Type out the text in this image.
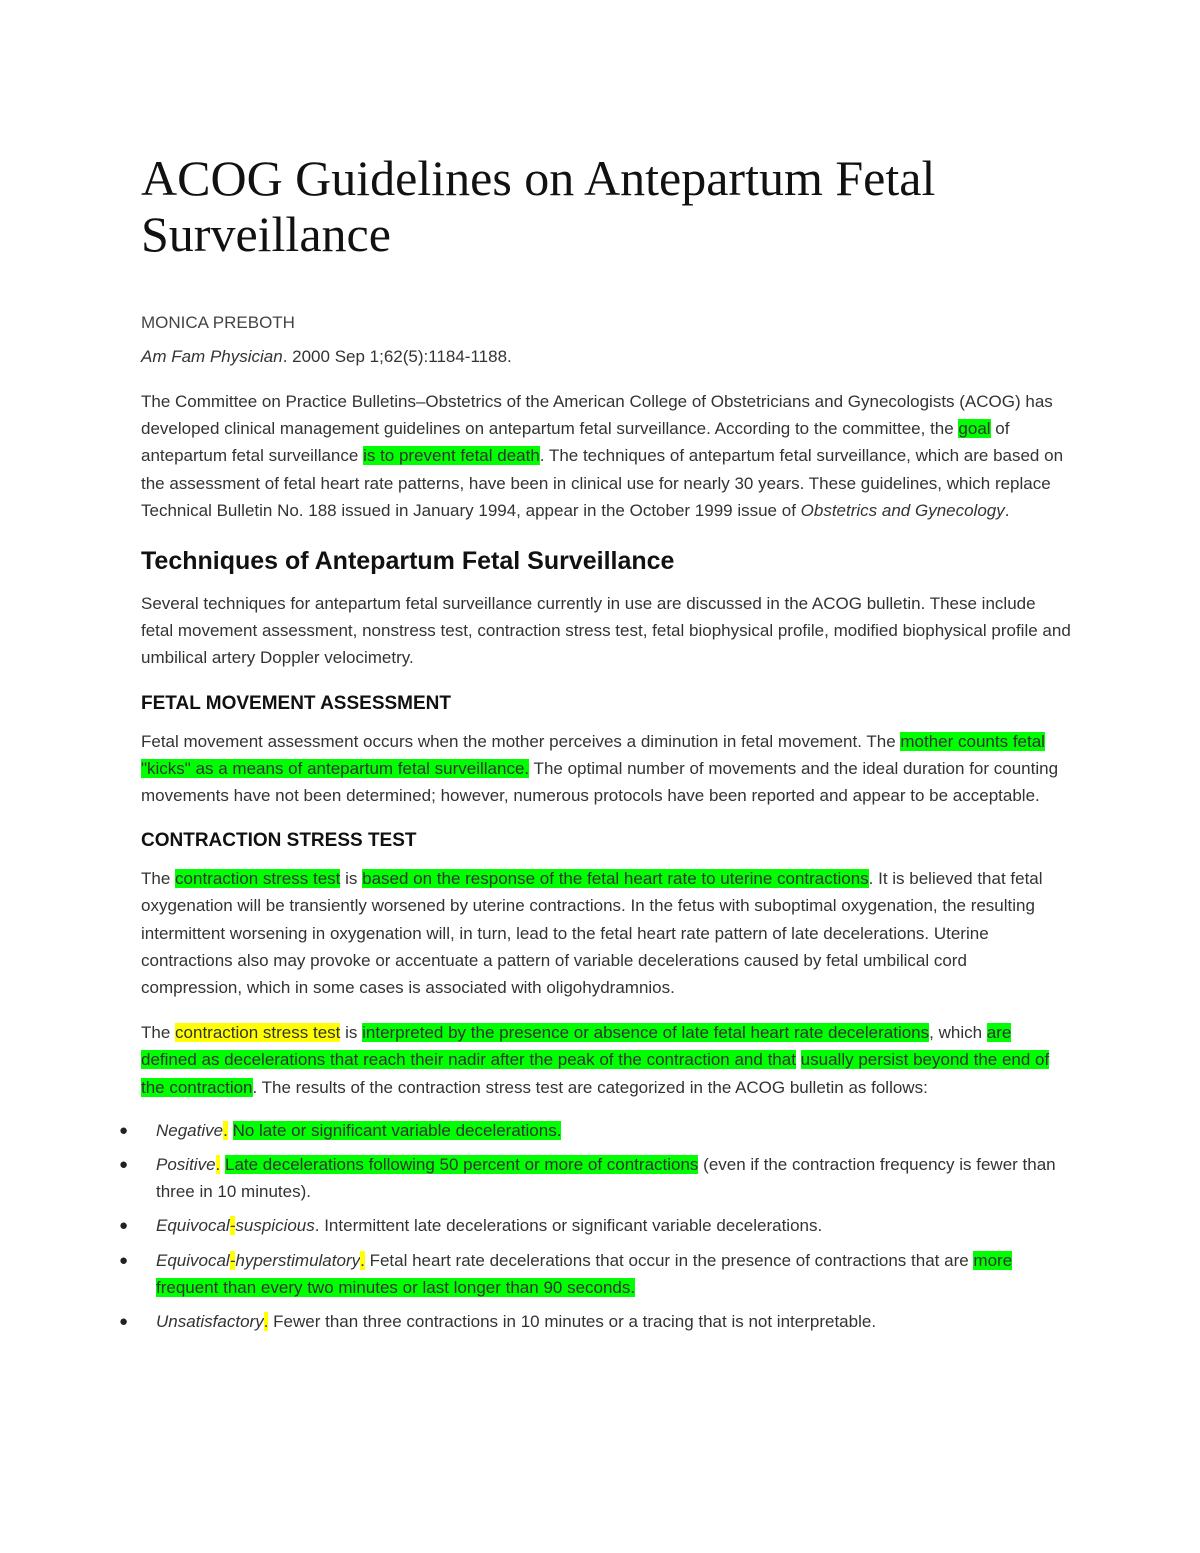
ACOG Guidelines on Antepartum Fetal Surveillance
MONICA PREBOTH
Am Fam Physician. 2000 Sep 1;62(5):1184-1188.

The Committee on Practice Bulletins–Obstetrics of the American College of Obstetricians and Gynecologists (ACOG) has developed clinical management guidelines on antepartum fetal surveillance. According to the committee, the goal of antepartum fetal surveillance is to prevent fetal death. The techniques of antepartum fetal surveillance, which are based on the assessment of fetal heart rate patterns, have been in clinical use for nearly 30 years. These guidelines, which replace Technical Bulletin No. 188 issued in January 1994, appear in the October 1999 issue of Obstetrics and Gynecology.

Techniques of Antepartum Fetal Surveillance

Several techniques for antepartum fetal surveillance currently in use are discussed in the ACOG bulletin. These include fetal movement assessment, nonstress test, contraction stress test, fetal biophysical profile, modified biophysical profile and umbilical artery Doppler velocimetry.

FETAL MOVEMENT ASSESSMENT

Fetal movement assessment occurs when the mother perceives a diminution in fetal movement. The mother counts fetal "kicks" as a means of antepartum fetal surveillance. The optimal number of movements and the ideal duration for counting movements have not been determined; however, numerous protocols have been reported and appear to be acceptable.

CONTRACTION STRESS TEST

The contraction stress test is based on the response of the fetal heart rate to uterine contractions. It is believed that fetal oxygenation will be transiently worsened by uterine contractions. In the fetus with suboptimal oxygenation, the resulting intermittent worsening in oxygenation will, in turn, lead to the fetal heart rate pattern of late decelerations. Uterine contractions also may provoke or accentuate a pattern of variable decelerations caused by fetal umbilical cord compression, which in some cases is associated with oligohydramnios.

The contraction stress test is interpreted by the presence or absence of late fetal heart rate decelerations, which are defined as decelerations that reach their nadir after the peak of the contraction and that usually persist beyond the end of the contraction. The results of the contraction stress test are categorized in the ACOG bulletin as follows:

● Negative. No late or significant variable decelerations.
● Positive. Late decelerations following 50 percent or more of contractions (even if the contraction frequency is fewer than three in 10 minutes).
● Equivocal-suspicious. Intermittent late decelerations or significant variable decelerations.
● Equivocal-hyperstimulatory. Fetal heart rate decelerations that occur in the presence of contractions that are more frequent than every two minutes or last longer than 90 seconds.
● Unsatisfactory. Fewer than three contractions in 10 minutes or a tracing that is not interpretable.
